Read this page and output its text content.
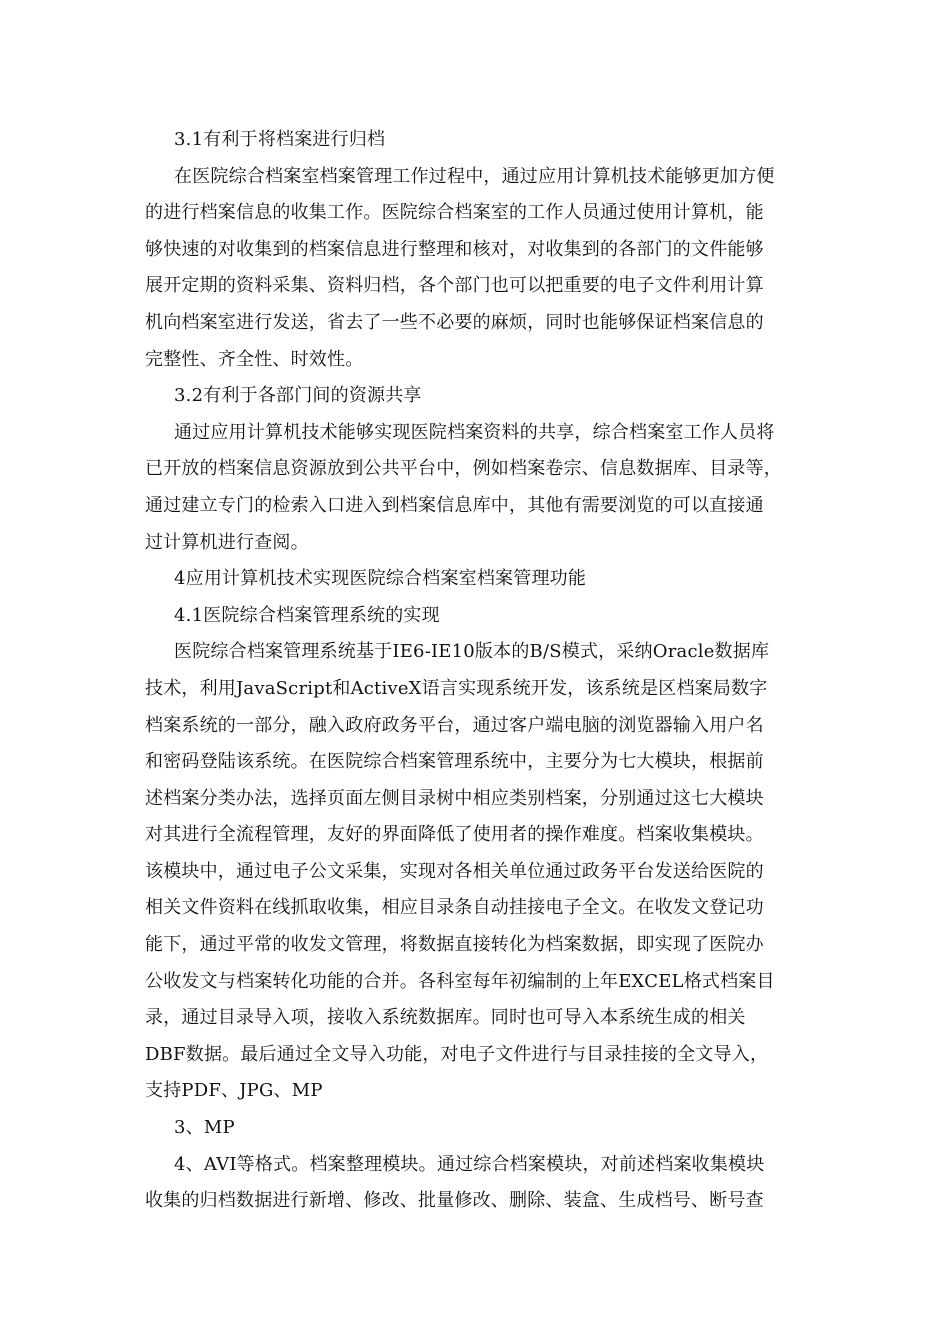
3.1有利于将档案进行归档
在医院综合档案室档案管理工作过程中，通过应用计算机技术能够更加方便
的进行档案信息的收集工作。医院综合档案室的工作人员通过使用计算机，能
够快速的对收集到的档案信息进行整理和核对，对收集到的各部门的文件能够
展开定期的资料采集、资料归档，各个部门也可以把重要的电子文件利用计算
机向档案室进行发送，省去了一些不必要的麻烦，同时也能够保证档案信息的
完整性、齐全性、时效性。
3.2有利于各部门间的资源共享
通过应用计算机技术能够实现医院档案资料的共享，综合档案室工作人员将
已开放的档案信息资源放到公共平台中，例如档案卷宗、信息数据库、目录等，
通过建立专门的检索入口进入到档案信息库中，其他有需要浏览的可以直接通
过计算机进行查阅。
4应用计算机技术实现医院综合档案室档案管理功能
4.1医院综合档案管理系统的实现
医院综合档案管理系统基于IE6-IE10版本的B/S模式，采纳Oracle数据库
技术，利用JavaScript和ActiveX语言实现系统开发，该系统是区档案局数字
档案系统的一部分，融入政府政务平台，通过客户端电脑的浏览器输入用户名
和密码登陆该系统。在医院综合档案管理系统中，主要分为七大模块，根据前
述档案分类办法，选择页面左侧目录树中相应类别档案，分别通过这七大模块
对其进行全流程管理，友好的界面降低了使用者的操作难度。档案收集模块。
该模块中，通过电子公文采集，实现对各相关单位通过政务平台发送给医院的
相关文件资料在线抓取收集，相应目录条自动挂接电子全文。在收发文登记功
能下，通过平常的收发文管理，将数据直接转化为档案数据，即实现了医院办
公收发文与档案转化功能的合并。各科室每年初编制的上年EXCEL格式档案目
录，通过目录导入项，接收入系统数据库。同时也可导入本系统生成的相关
DBF数据。最后通过全文导入功能，对电子文件进行与目录挂接的全文导入，
支持PDF、JPG、MP
3、MP
4、AVI等格式。档案整理模块。通过综合档案模块，对前述档案收集模块
收集的归档数据进行新增、修改、批量修改、删除、装盒、生成档号、断号查
